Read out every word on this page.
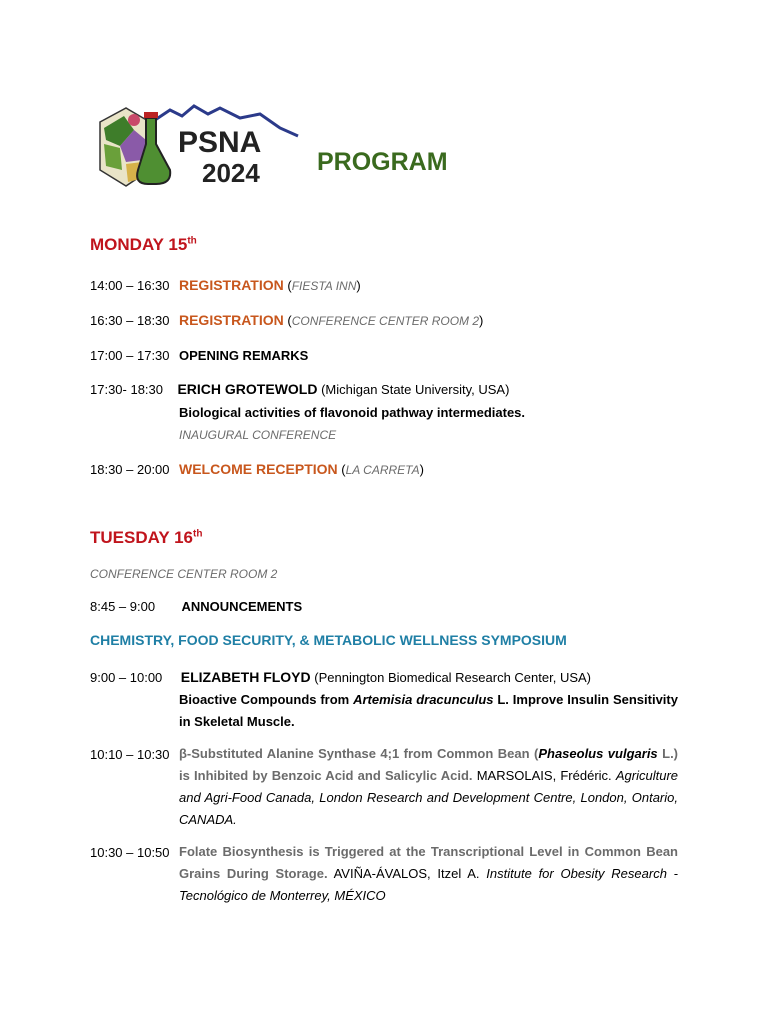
PSNA
2024 PROGRAM
MONDAY 15th
14:00 – 16:30 REGISTRATION (FIESTA INN)
16:30 – 18:30 REGISTRATION (CONFERENCE CENTER ROOM 2)
17:00 – 17:30 OPENING REMARKS
17:30- 18:30 ERICH GROTEWOLD (Michigan State University, USA)
Biological activities of flavonoid pathway intermediates.
INAUGURAL CONFERENCE
18:30 – 20:00 WELCOME RECEPTION (LA CARRETA)
TUESDAY 16th
CONFERENCE CENTER ROOM 2
8:45 – 9:00 ANNOUNCEMENTS
CHEMISTRY, FOOD SECURITY, & METABOLIC WELLNESS SYMPOSIUM
9:00 – 10:00 ELIZABETH FLOYD (Pennington Biomedical Research Center, USA)
Bioactive Compounds from Artemisia dracunculus L. Improve Insulin Sensitivity in Skeletal Muscle.
10:10 – 10:30 β-Substituted Alanine Synthase 4;1 from Common Bean (Phaseolus vulgaris L.) is Inhibited by Benzoic Acid and Salicylic Acid. MARSOLAIS, Frédéric. Agriculture and Agri-Food Canada, London Research and Development Centre, London, Ontario, CANADA.
10:30 – 10:50 Folate Biosynthesis is Triggered at the Transcriptional Level in Common Bean Grains During Storage. AVIÑA-ÁVALOS, Itzel A. Institute for Obesity Research - Tecnológico de Monterrey, MÉXICO
